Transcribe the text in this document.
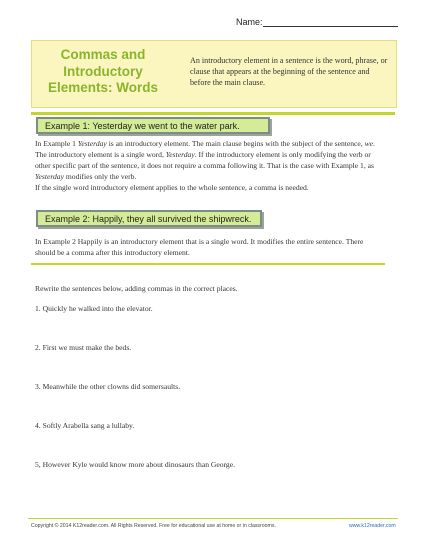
Name:
Commas and
Introductory
Elements: Words
An introductory element in a sentence is the word, phrase, or clause that appears at the beginning of the sentence and before the main clause.
Example 1: Yesterday we went to the water park.
In Example 1 Yesterday is an introductory element. The main clause begins with the subject of the sentence, we. The introductory element is a single word, Yesterday. If the introductory element is only modifying the verb or other specific part of the sentence, it does not require a comma following it. That is the case with Example 1, as Yesterday modifies only the verb.
If the single word introductory element applies to the whole sentence, a comma is needed.
Example 2: Happily, they all survived the shipwreck.
In Example 2 Happily is an introductory element that is a single word. It modifies the entire sentence. There should be a comma after this introductory element.
Rewrite the sentences below, adding commas in the correct places.
1. Quickly he walked into the elevator.
2. First we must make the beds.
3. Meanwhile the other clowns did somersaults.
4. Softly Arabella sang a lullaby.
5, However Kyle would know more about dinosaurs than George.
Copyright © 2014 K12reader.com. All Rights Reserved. Free for educational use at home or in classrooms.	www.k12reader.com
